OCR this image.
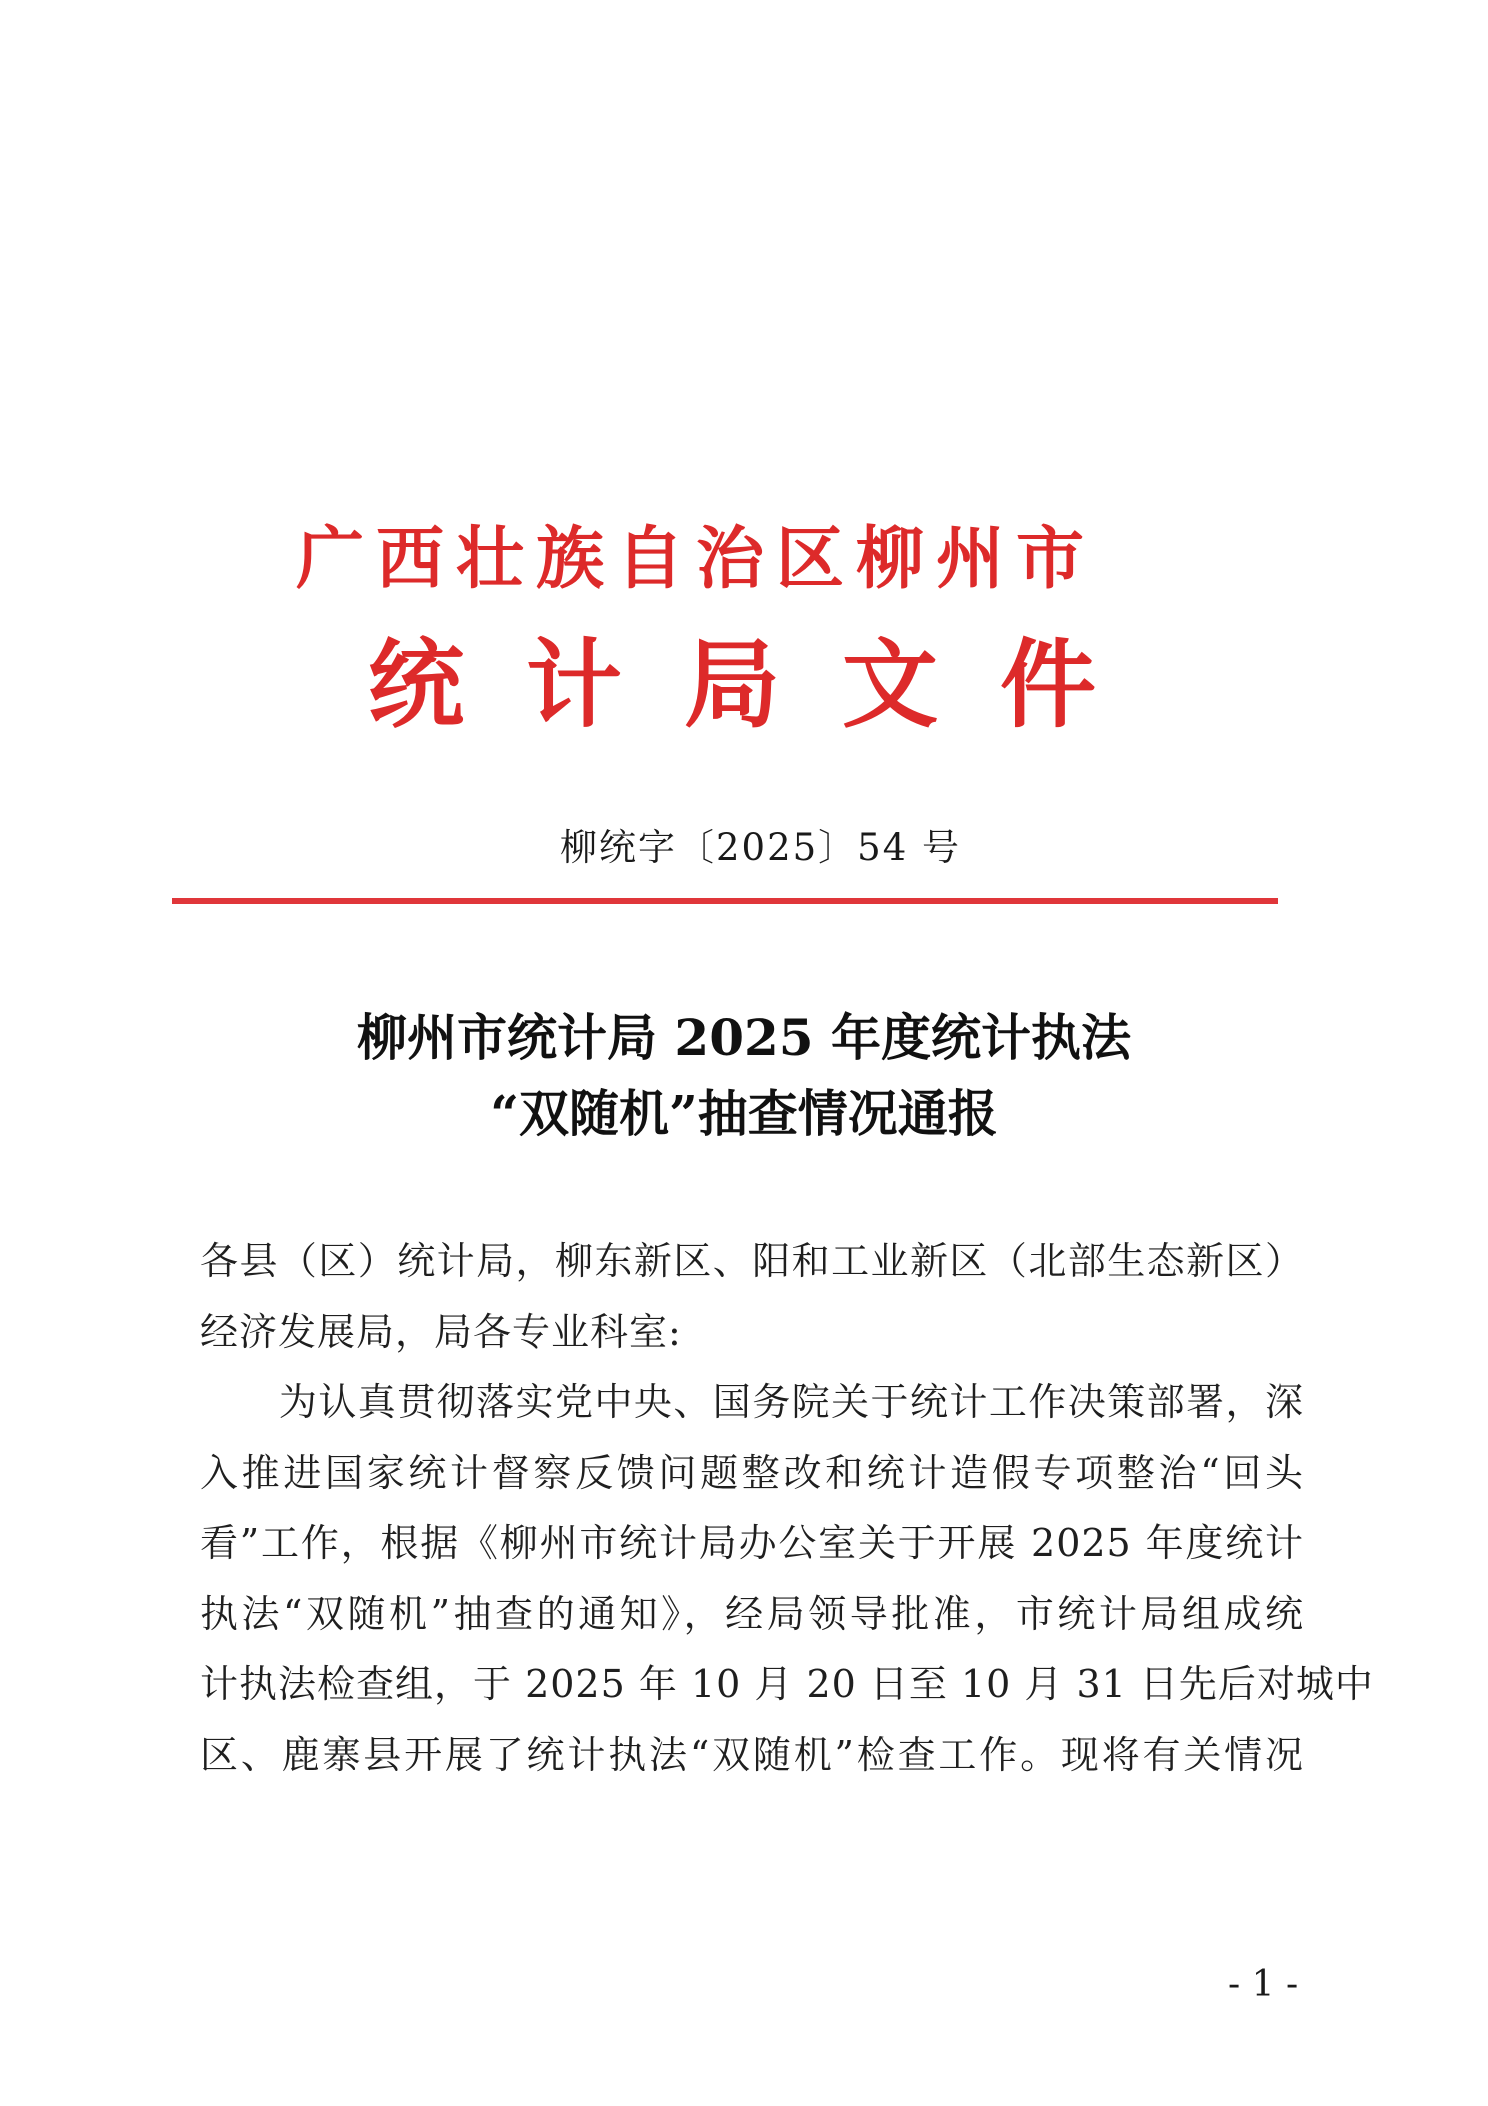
广西壮族自治区柳州市
统计局文件
柳统字〔2025〕54 号
柳州市统计局 2025 年度统计执法
“双随机”抽查情况通报
各县（区）统计局，柳东新区、阳和工业新区（北部生态新区）
经济发展局，局各专业科室:
　　为认真贯彻落实党中央、国务院关于统计工作决策部署，深
入推进国家统计督察反馈问题整改和统计造假专项整治“回头
看”工作，根据《柳州市统计局办公室关于开展 2025 年度统计
执法“双随机”抽查的通知》，经局领导批准，市统计局组成统
计执法检查组，于 2025 年 10 月 20 日至 10 月 31 日先后对城中
区、鹿寨县开展了统计执法“双随机”检查工作。现将有关情况
- 1 -
